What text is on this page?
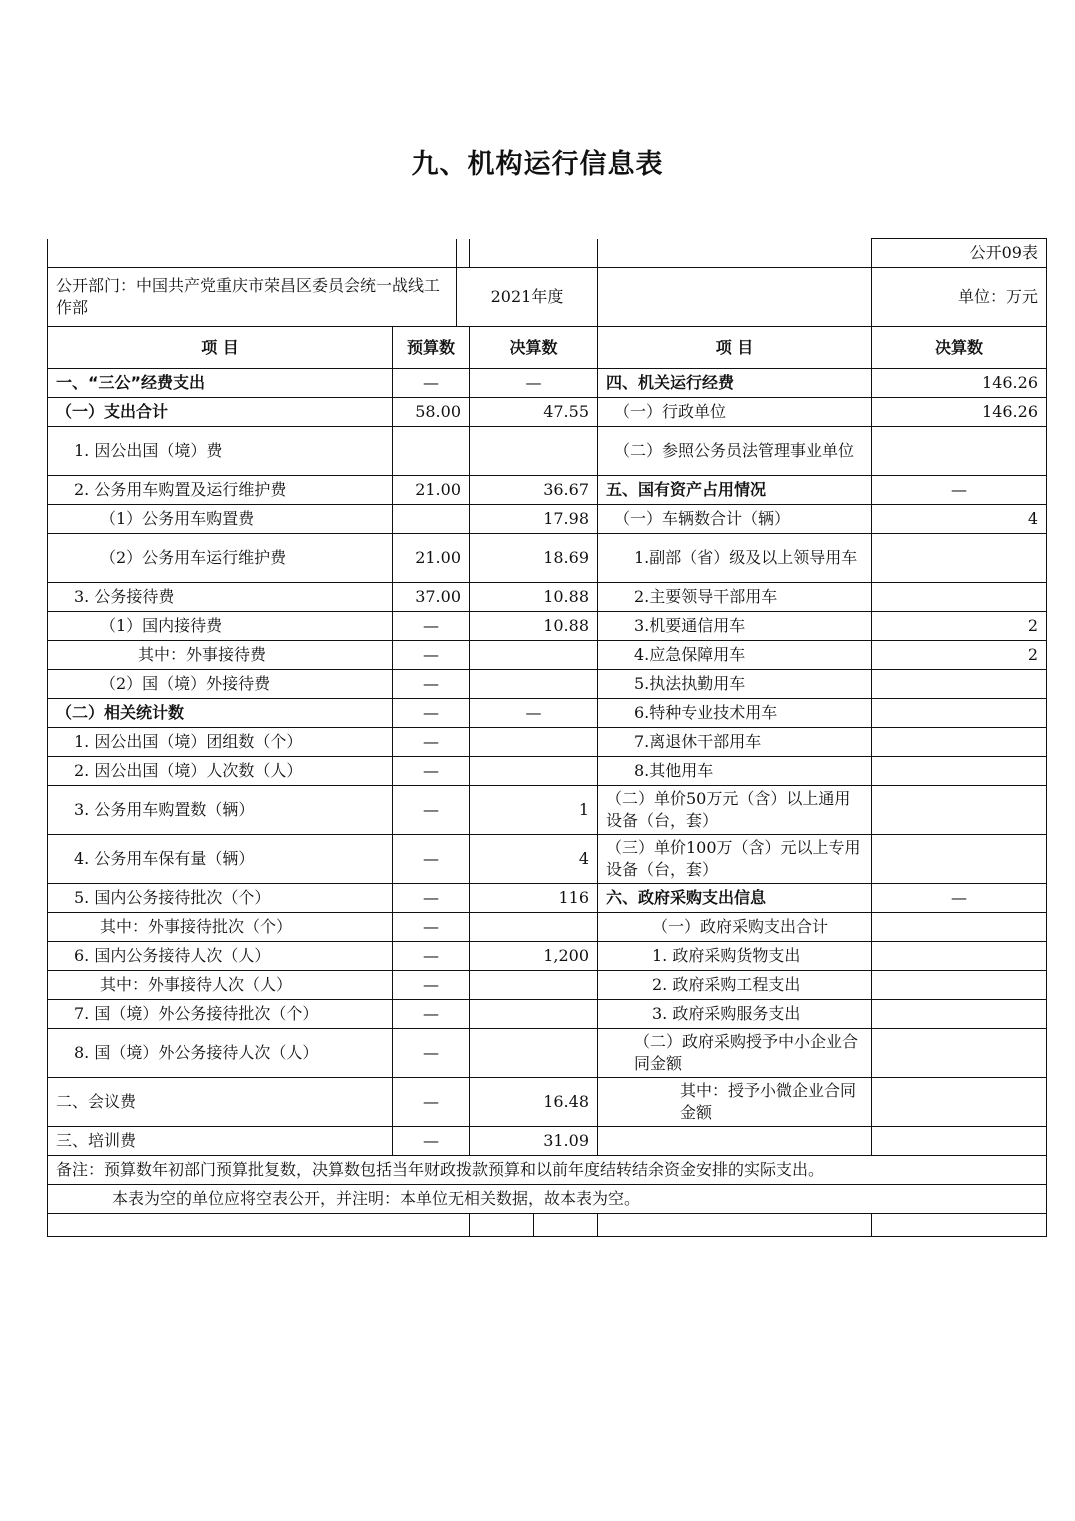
九、机构运行信息表
						公开09表
公开部门：中国共产党重庆市荣昌区委员会统一战线工作部		2021年度				单位：万元
项 目	预算数		决算数		项 目	决算数
一、“三公”经费支出	—		—		四、机关运行经费	146.26
（一）支出合计	58.00		47.55		（一）行政单位	146.26
1. 因公出国（境）费					（二）参照公务员法管理事业单位	
2. 公务用车购置及运行维护费	21.00		36.67		五、国有资产占用情况	—
（1）公务用车购置费			17.98		（一）车辆数合计（辆）	4
（2）公务用车运行维护费	21.00		18.69		1.副部（省）级及以上领导用车	
3. 公务接待费	37.00		10.88		2.主要领导干部用车	
（1）国内接待费	—		10.88		3.机要通信用车	2
其中：外事接待费	—				4.应急保障用车	2
（2）国（境）外接待费	—				5.执法执勤用车	
（二）相关统计数	—		—		6.特种专业技术用车	
1. 因公出国（境）团组数（个）	—				7.离退休干部用车	
2. 因公出国（境）人次数（人）	—				8.其他用车	
3. 公务用车购置数（辆）	—		1		（二）单价50万元（含）以上通用设备（台，套）	
4. 公务用车保有量（辆）	—		4		（三）单价100万（含）元以上专用设备（台，套）	
5. 国内公务接待批次（个）	—		116		六、政府采购支出信息	—
其中：外事接待批次（个）	—				（一）政府采购支出合计	
6. 国内公务接待人次（人）	—		1,200		1. 政府采购货物支出	
其中：外事接待人次（人）	—				2. 政府采购工程支出	
7. 国（境）外公务接待批次（个）	—				3. 政府采购服务支出	
8. 国（境）外公务接待人次（人）	—				（二）政府采购授予中小企业合同金额	
二、会议费	—		16.48		其中：授予小微企业合同金额	
三、培训费	—		31.09			
备注：预算数年初部门预算批复数，决算数包括当年财政拨款预算和以前年度结转结余资金安排的实际支出。						
本表为空的单位应将空表公开，并注明：本单位无相关数据，故本表为空。						
